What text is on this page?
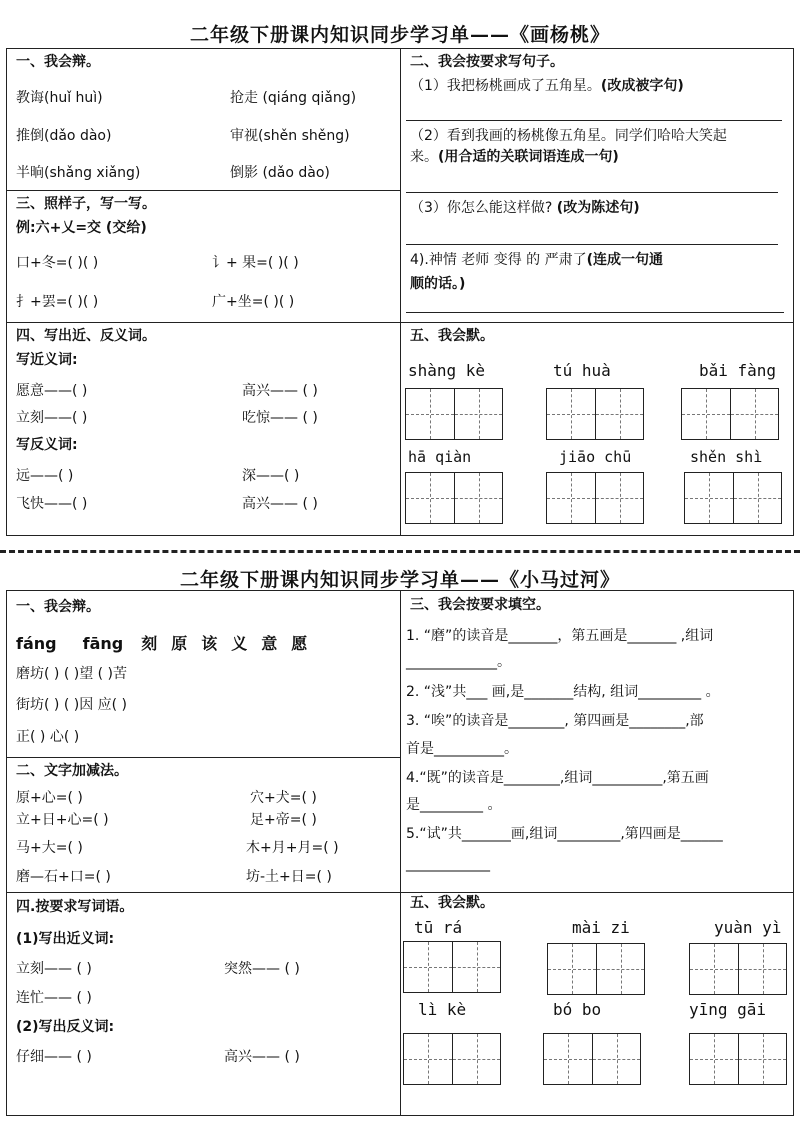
二年级下册课内知识同步学习单——《画杨桃》
一、我会辩。
教诲(huǐ huì)	抢走 (qiáng qiǎng)
推倒(dǎo dào)	审视(shěn shěng)
半晌(shǎng xiǎng)	倒影 (dǎo dào)
三、照样子，写一写。
例:六+乂=交 (交给)
口+冬=( )( )	讠+ 果=( )( )
扌+罢=( )( )	广+坐=( )( )
四、写出近、反义词。
写近义词:
愿意——( )	高兴—— ( )
立刻——( )	吃惊—— ( )
写反义词:
远——( )	深——( )
飞快——( )	高兴—— ( )
二、我会按要求写句子。
（1）我把杨桃画成了五角星。(改成被字句)
（2）看到我画的杨桃像五角星。同学们哈哈大笑起
来。(用合适的关联词语连成一句)
（3）你怎么能这样做? (改为陈述句)
4).神情 老师 变得 的 严肃了(连成一句通
顺的话。)
五、我会默。
shàng kè	tú huà	bǎi fàng
hā qiàn	jiāo chū	shěn shì
二年级下册课内知识同步学习单——《小马过河》
一、我会辩。
fáng fāng 刻 原 该 义 意 愿
磨坊( ) ( )望 ( )苦
街坊( ) ( )因 应( )
正( ) 心( )
二、文字加减法。
原+心=( )	穴+犬=( )
立+日+心=( )	足+帝=( )
马+大=( )	木+月+月=( )
磨—石+口=( )	坊-土+日=( )
四.按要求写词语。
(1)写出近义词:
立刻—— ( )	突然—— ( )
连忙—— ( )
(2)写出反义词:
仔细—— ( )	高兴—— ( )
三、我会按要求填空。
1. “磨”的读音是_______，第五画是_______ ,组词
_____________。
2. “浅”共___ 画,是_______结构, 组词_________ 。
3. “唉”的读音是________, 第四画是________,部
首是__________。
4.“既”的读音是________,组词__________,第五画
是_________ 。
5.“试”共_______画,组词_________,第四画是______
____________
五、我会默。
tū rá	mài zi	yuàn yì
lì kè	bó bo	yīng gāi
